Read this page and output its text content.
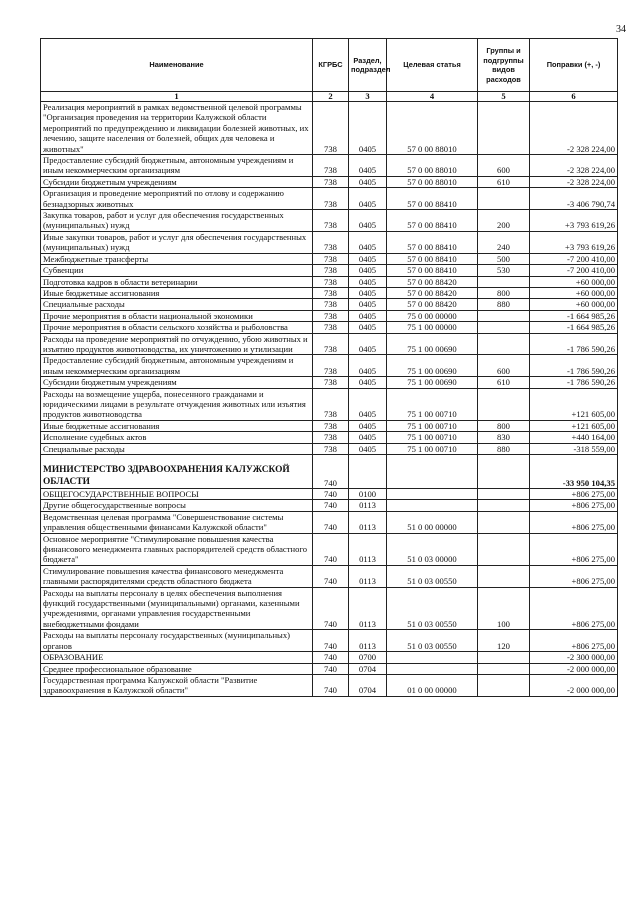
34
Наименование	КГРБС	Раздел, подраздел	Целевая статья	Группы и подгруппы видов расходов	Поправки (+, -)
1	2	3	4	5	6
Реализация мероприятий в рамках ведомственной целевой программы "Организация проведения на территории Калужской области мероприятий по предупреждению и ликвидации болезней животных, их лечению, защите населения от болезней, общих для человека и животных"	738	0405	57 0 00 88010		-2 328 224,00
Предоставление субсидий бюджетным, автономным учреждениям и иным некоммерческим организациям	738	0405	57 0 00 88010	600	-2 328 224,00
Субсидии бюджетным учреждениям	738	0405	57 0 00 88010	610	-2 328 224,00
Организация и проведение мероприятий по отлову и содержанию безнадзорных животных	738	0405	57 0 00 88410		-3 406 790,74
Закупка товаров, работ и услуг для обеспечения государственных (муниципальных) нужд	738	0405	57 0 00 88410	200	+3 793 619,26
Иные закупки товаров, работ и услуг для обеспечения государственных (муниципальных) нужд	738	0405	57 0 00 88410	240	+3 793 619,26
Межбюджетные трансферты	738	0405	57 0 00 88410	500	-7 200 410,00
Субвенции	738	0405	57 0 00 88410	530	-7 200 410,00
Подготовка кадров в области ветеринарии	738	0405	57 0 00 88420		+60 000,00
Иные бюджетные ассигнования	738	0405	57 0 00 88420	800	+60 000,00
Специальные расходы	738	0405	57 0 00 88420	880	+60 000,00
Прочие мероприятия в области национальной экономики	738	0405	75 0 00 00000		-1 664 985,26
Прочие мероприятия в области сельского хозяйства и рыболовства	738	0405	75 1 00 00000		-1 664 985,26
Расходы на проведение мероприятий по отчуждению, убою животных и изъятию продуктов животноводства, их уничтожению и утилизации	738	0405	75 1 00 00690		-1 786 590,26
Предоставление субсидий бюджетным, автономным учреждениям и иным некоммерческим организациям	738	0405	75 1 00 00690	600	-1 786 590,26
Субсидии бюджетным учреждениям	738	0405	75 1 00 00690	610	-1 786 590,26
Расходы на возмещение ущерба, понесенного гражданами и юридическими лицами в результате отчуждения животных или изъятия продуктов животноводства	738	0405	75 1 00 00710		+121 605,00
Иные бюджетные ассигнования	738	0405	75 1 00 00710	800	+121 605,00
Исполнение судебных актов	738	0405	75 1 00 00710	830	+440 164,00
Специальные расходы	738	0405	75 1 00 00710	880	-318 559,00
МИНИСТЕРСТВО ЗДРАВООХРАНЕНИЯ КАЛУЖСКОЙ ОБЛАСТИ	740				-33 950 104,35
ОБЩЕГОСУДАРСТВЕННЫЕ ВОПРОСЫ	740	0100			+806 275,00
Другие общегосударственные вопросы	740	0113			+806 275,00
Ведомственная целевая программа "Совершенствование системы управления общественными финансами Калужской области"	740	0113	51 0 00 00000		+806 275,00
Основное мероприятие "Стимулирование повышения качества финансового менеджмента главных распорядителей средств областного бюджета"	740	0113	51 0 03 00000		+806 275,00
Стимулирование повышения качества финансового менеджмента главными распорядителями средств областного бюджета	740	0113	51 0 03 00550		+806 275,00
Расходы на выплаты персоналу в целях обеспечения выполнения функций государственными (муниципальными) органами, казенными учреждениями, органами управления государственными внебюджетными фондами	740	0113	51 0 03 00550	100	+806 275,00
Расходы на выплаты персоналу государственных (муниципальных) органов	740	0113	51 0 03 00550	120	+806 275,00
ОБРАЗОВАНИЕ	740	0700			-2 300 000,00
Среднее профессиональное образование	740	0704			-2 000 000,00
Государственная программа Калужской области "Развитие здравоохранения в Калужской области"	740	0704	01 0 00 00000		-2 000 000,00
